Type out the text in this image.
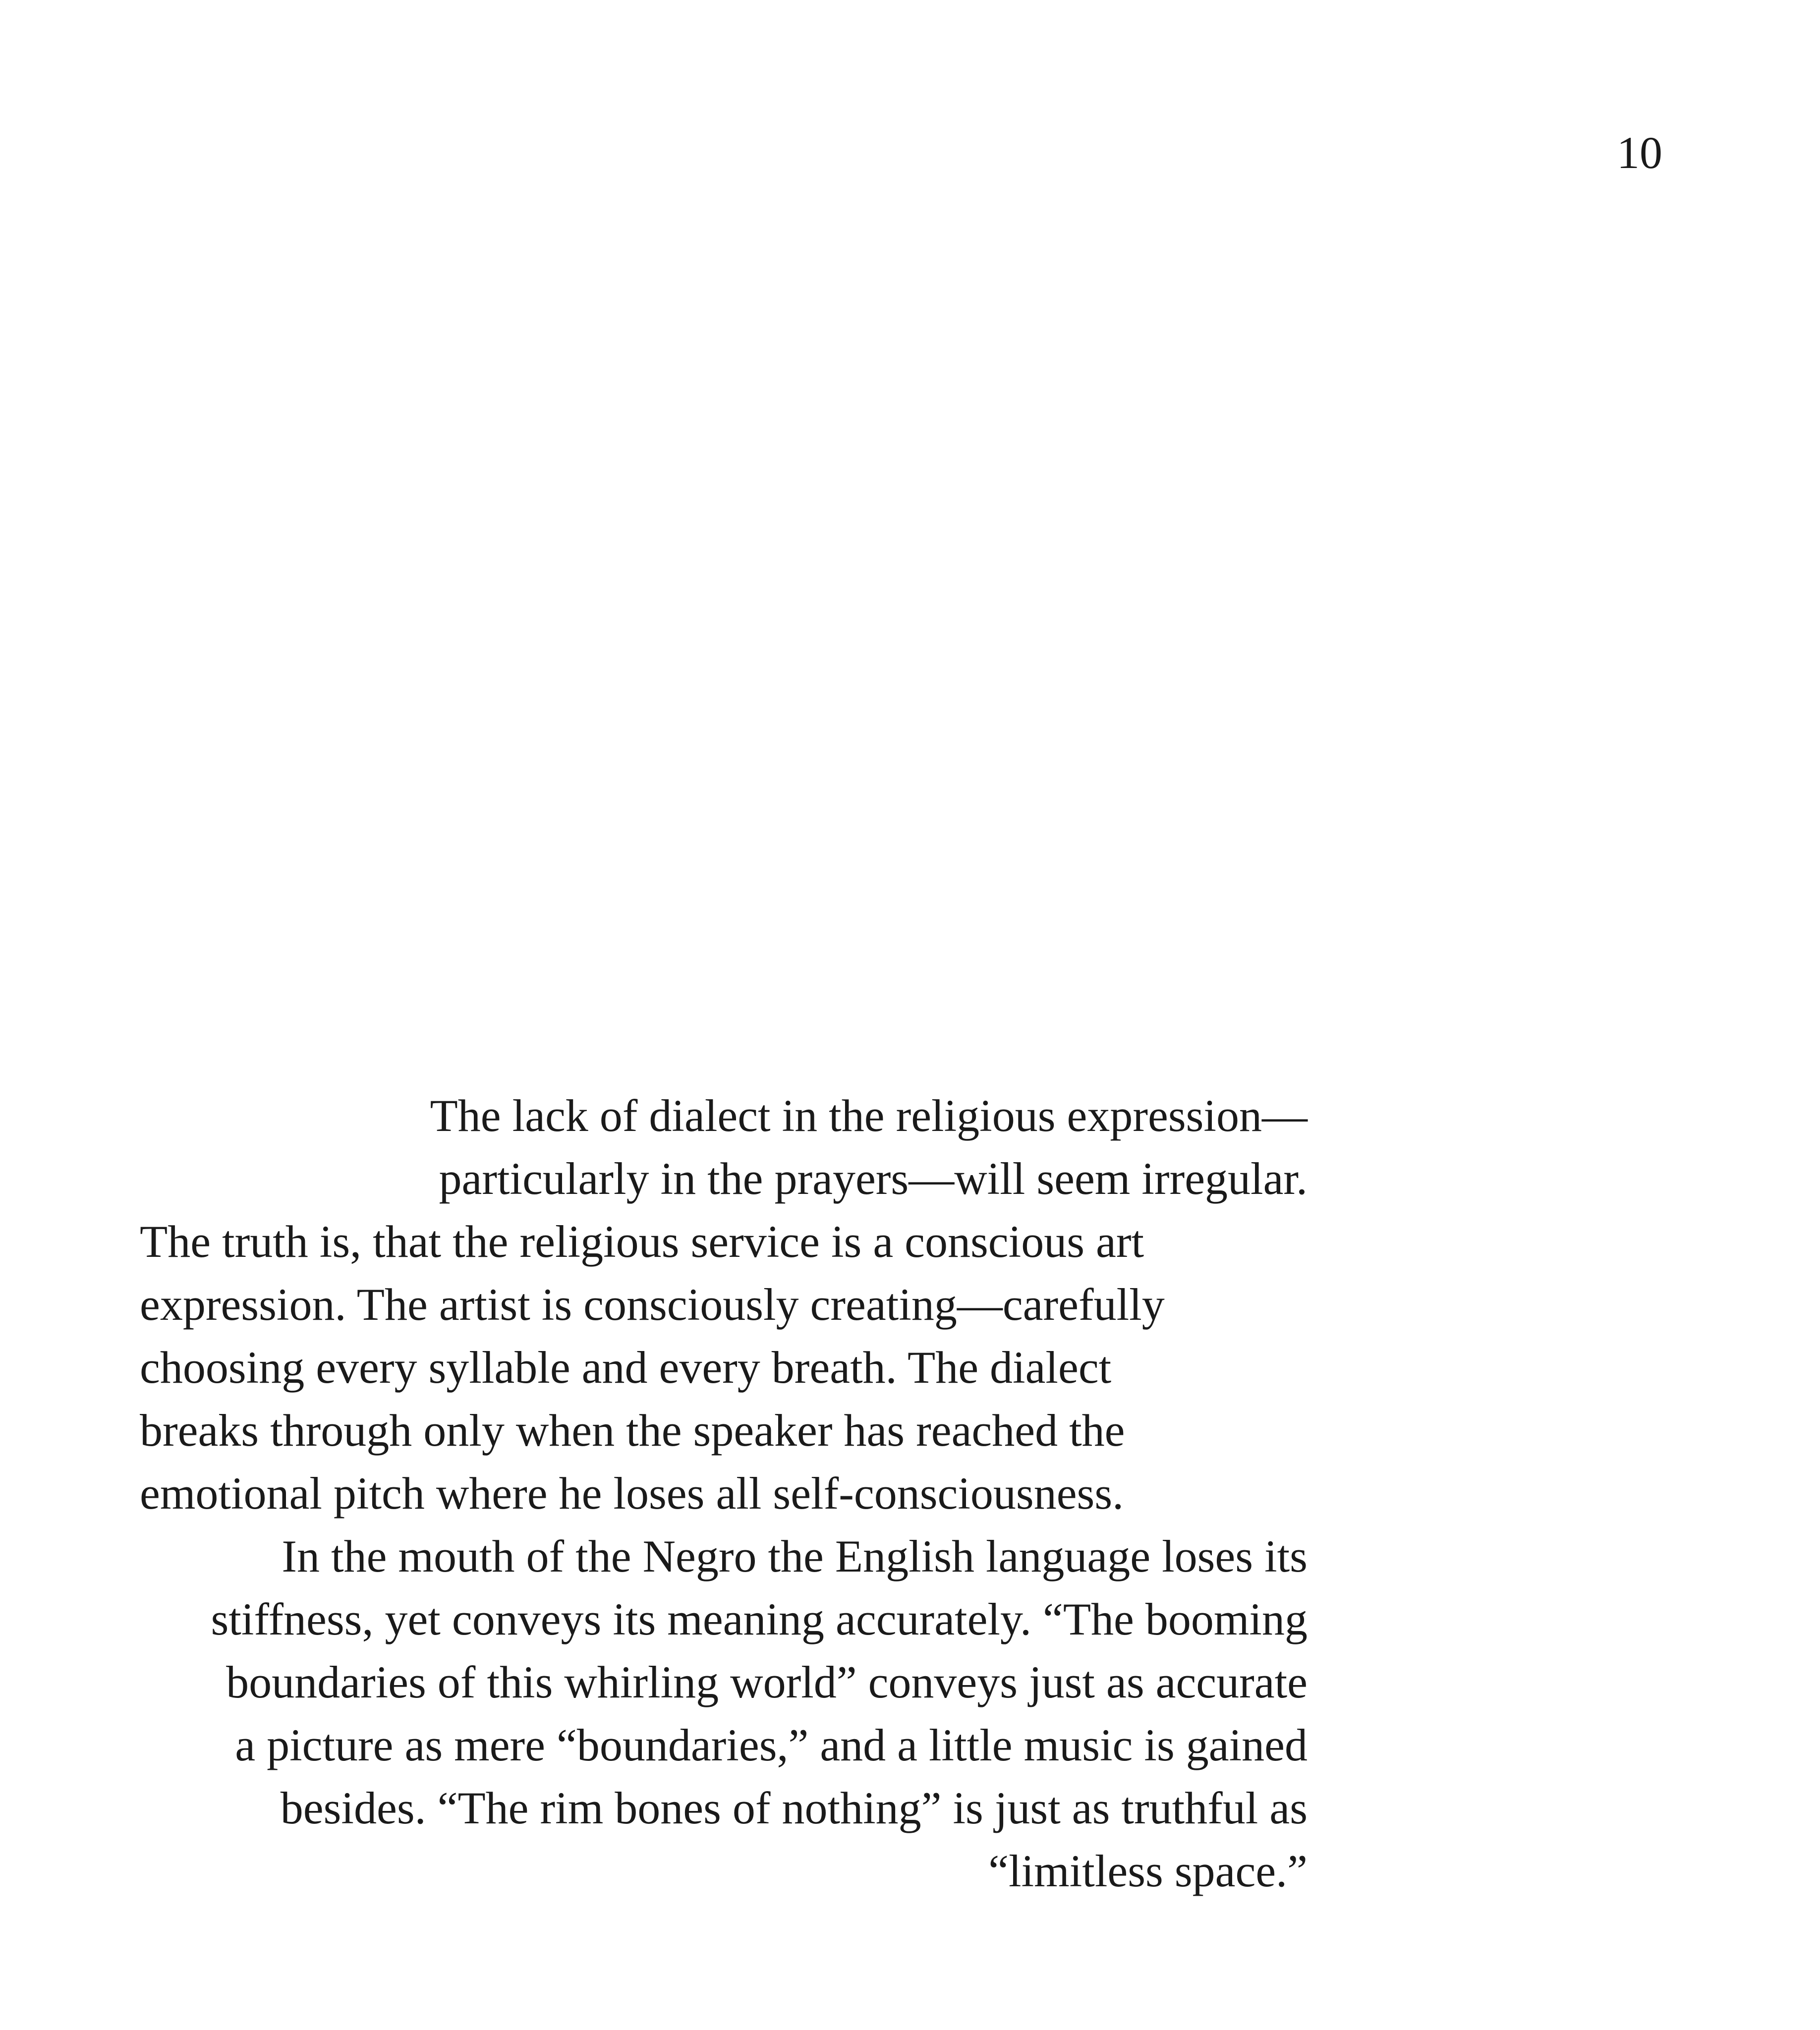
10
The lack of dialect in the religious expression—
particularly in the prayers—will seem irregular.
The truth is, that the religious service is a conscious art
expression. The artist is consciously creating—carefully
choosing every syllable and every breath. The dialect
breaks through only when the speaker has reached the
emotional pitch where he loses all self-consciousness.
In the mouth of the Negro the English language loses its
stiffness, yet conveys its meaning accurately. “The booming
boundaries of this whirling world” conveys just as accurate
a picture as mere “boundaries,” and a little music is gained
besides. “The rim bones of nothing” is just as truthful as
“limitless space.”
